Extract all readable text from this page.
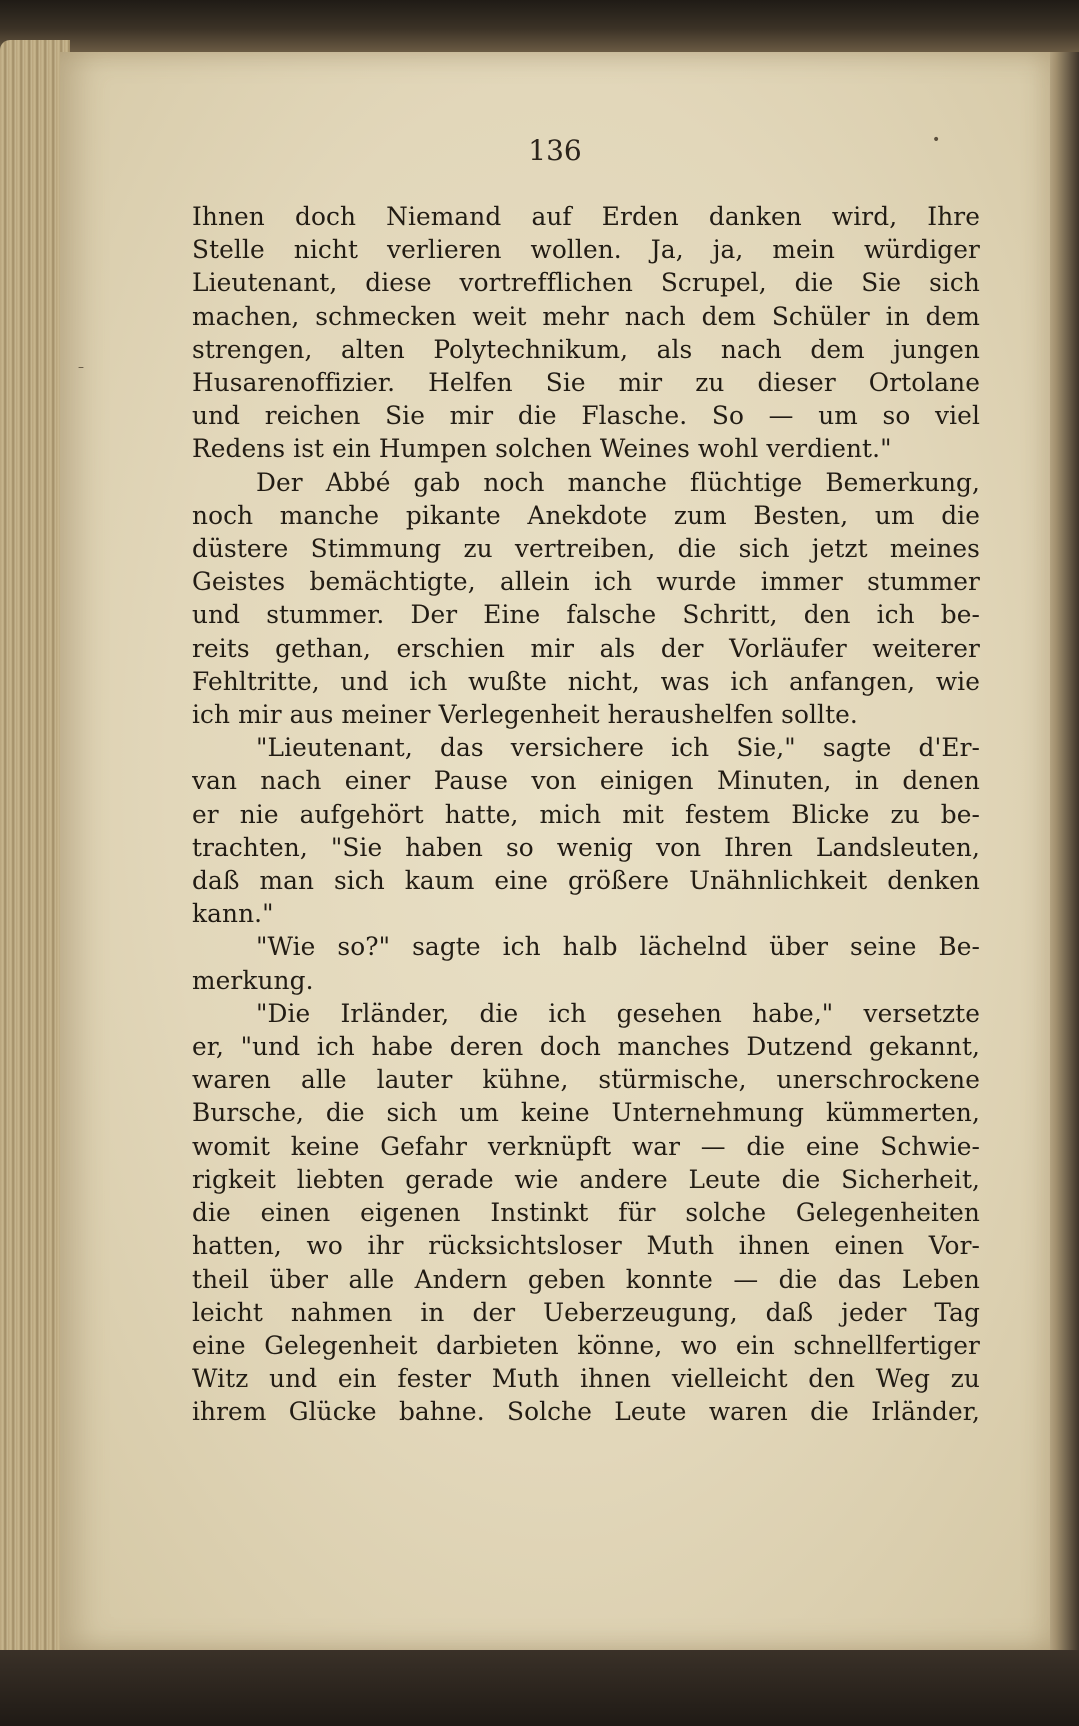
136
Ihnen doch Niemand auf Erden danken wird, Ihre
Stelle nicht verlieren wollen. Ja, ja, mein würdiger
Lieutenant, diese vortrefflichen Scrupel, die Sie sich
machen, schmecken weit mehr nach dem Schüler in dem
strengen, alten Polytechnikum, als nach dem jungen
Husarenoffizier. Helfen Sie mir zu dieser Ortolane
und reichen Sie mir die Flasche. So — um so viel
Redens ist ein Humpen solchen Weines wohl verdient."
Der Abbé gab noch manche flüchtige Bemerkung,
noch manche pikante Anekdote zum Besten, um die
düstere Stimmung zu vertreiben, die sich jetzt meines
Geistes bemächtigte, allein ich wurde immer stummer
und stummer. Der Eine falsche Schritt, den ich be-
reits gethan, erschien mir als der Vorläufer weiterer
Fehltritte, und ich wußte nicht, was ich anfangen, wie
ich mir aus meiner Verlegenheit heraushelfen sollte.
"Lieutenant, das versichere ich Sie," sagte d'Er-
van nach einer Pause von einigen Minuten, in denen
er nie aufgehört hatte, mich mit festem Blicke zu be-
trachten, "Sie haben so wenig von Ihren Landsleuten,
daß man sich kaum eine größere Unähnlichkeit denken
kann."
"Wie so?" sagte ich halb lächelnd über seine Be-
merkung.
"Die Irländer, die ich gesehen habe," versetzte
er, "und ich habe deren doch manches Dutzend gekannt,
waren alle lauter kühne, stürmische, unerschrockene
Bursche, die sich um keine Unternehmung kümmerten,
womit keine Gefahr verknüpft war — die eine Schwie-
rigkeit liebten gerade wie andere Leute die Sicherheit,
die einen eigenen Instinkt für solche Gelegenheiten
hatten, wo ihr rücksichtsloser Muth ihnen einen Vor-
theil über alle Andern geben konnte — die das Leben
leicht nahmen in der Ueberzeugung, daß jeder Tag
eine Gelegenheit darbieten könne, wo ein schnellfertiger
Witz und ein fester Muth ihnen vielleicht den Weg zu
ihrem Glücke bahne. Solche Leute waren die Irländer,
•
–
